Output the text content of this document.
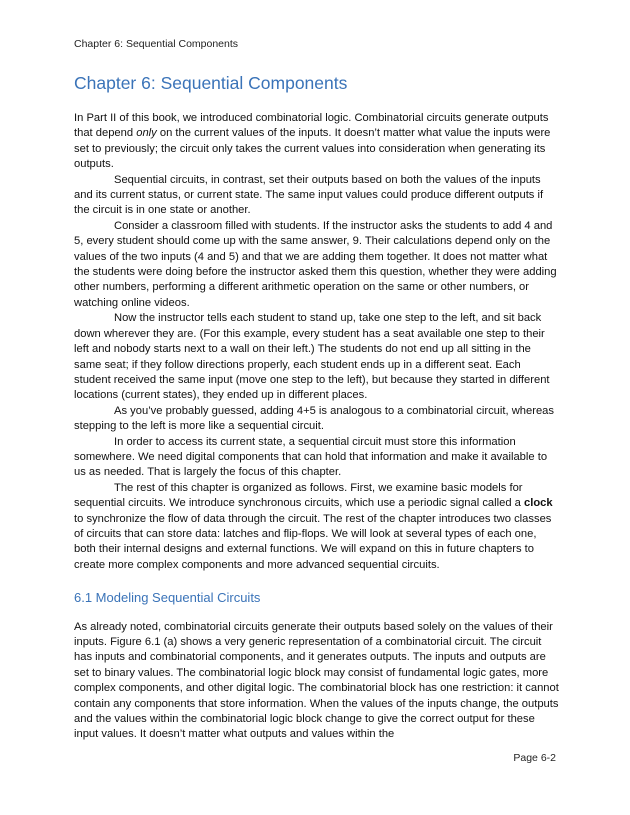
Chapter 6: Sequential Components
Chapter 6: Sequential Components

In Part II of this book, we introduced combinatorial logic. Combinatorial circuits generate outputs that depend only on the current values of the inputs. It doesn’t matter what value the inputs were set to previously; the circuit only takes the current values into consideration when generating its outputs.

Sequential circuits, in contrast, set their outputs based on both the values of the inputs and its current status, or current state. The same input values could produce different outputs if the circuit is in one state or another.

Consider a classroom filled with students. If the instructor asks the students to add 4 and 5, every student should come up with the same answer, 9. Their calculations depend only on the values of the two inputs (4 and 5) and that we are adding them together. It does not matter what the students were doing before the instructor asked them this question, whether they were adding other numbers, performing a different arithmetic operation on the same or other numbers, or watching online videos.

Now the instructor tells each student to stand up, take one step to the left, and sit back down wherever they are. (For this example, every student has a seat available one step to their left and nobody starts next to a wall on their left.) The students do not end up all sitting in the same seat; if they follow directions properly, each student ends up in a different seat. Each student received the same input (move one step to the left), but because they started in different locations (current states), they ended up in different places.

As you’ve probably guessed, adding 4+5 is analogous to a combinatorial circuit, whereas stepping to the left is more like a sequential circuit.

In order to access its current state, a sequential circuit must store this information somewhere. We need digital components that can hold that information and make it available to us as needed. That is largely the focus of this chapter.

The rest of this chapter is organized as follows. First, we examine basic models for sequential circuits. We introduce synchronous circuits, which use a periodic signal called a clock to synchronize the flow of data through the circuit. The rest of the chapter introduces two classes of circuits that can store data: latches and flip-flops. We will look at several types of each one, both their internal designs and external functions. We will expand on this in future chapters to create more complex components and more advanced sequential circuits.

6.1 Modeling Sequential Circuits

As already noted, combinatorial circuits generate their outputs based solely on the values of their inputs. Figure 6.1 (a) shows a very generic representation of a combinatorial circuit. The circuit has inputs and combinatorial components, and it generates outputs. The inputs and outputs are set to binary values. The combinatorial logic block may consist of fundamental logic gates, more complex components, and other digital logic. The combinatorial block has one restriction: it cannot contain any components that store information. When the values of the inputs change, the outputs and the values within the combinatorial logic block change to give the correct output for these input values. It doesn’t matter what outputs and values within the

Page 6-2
